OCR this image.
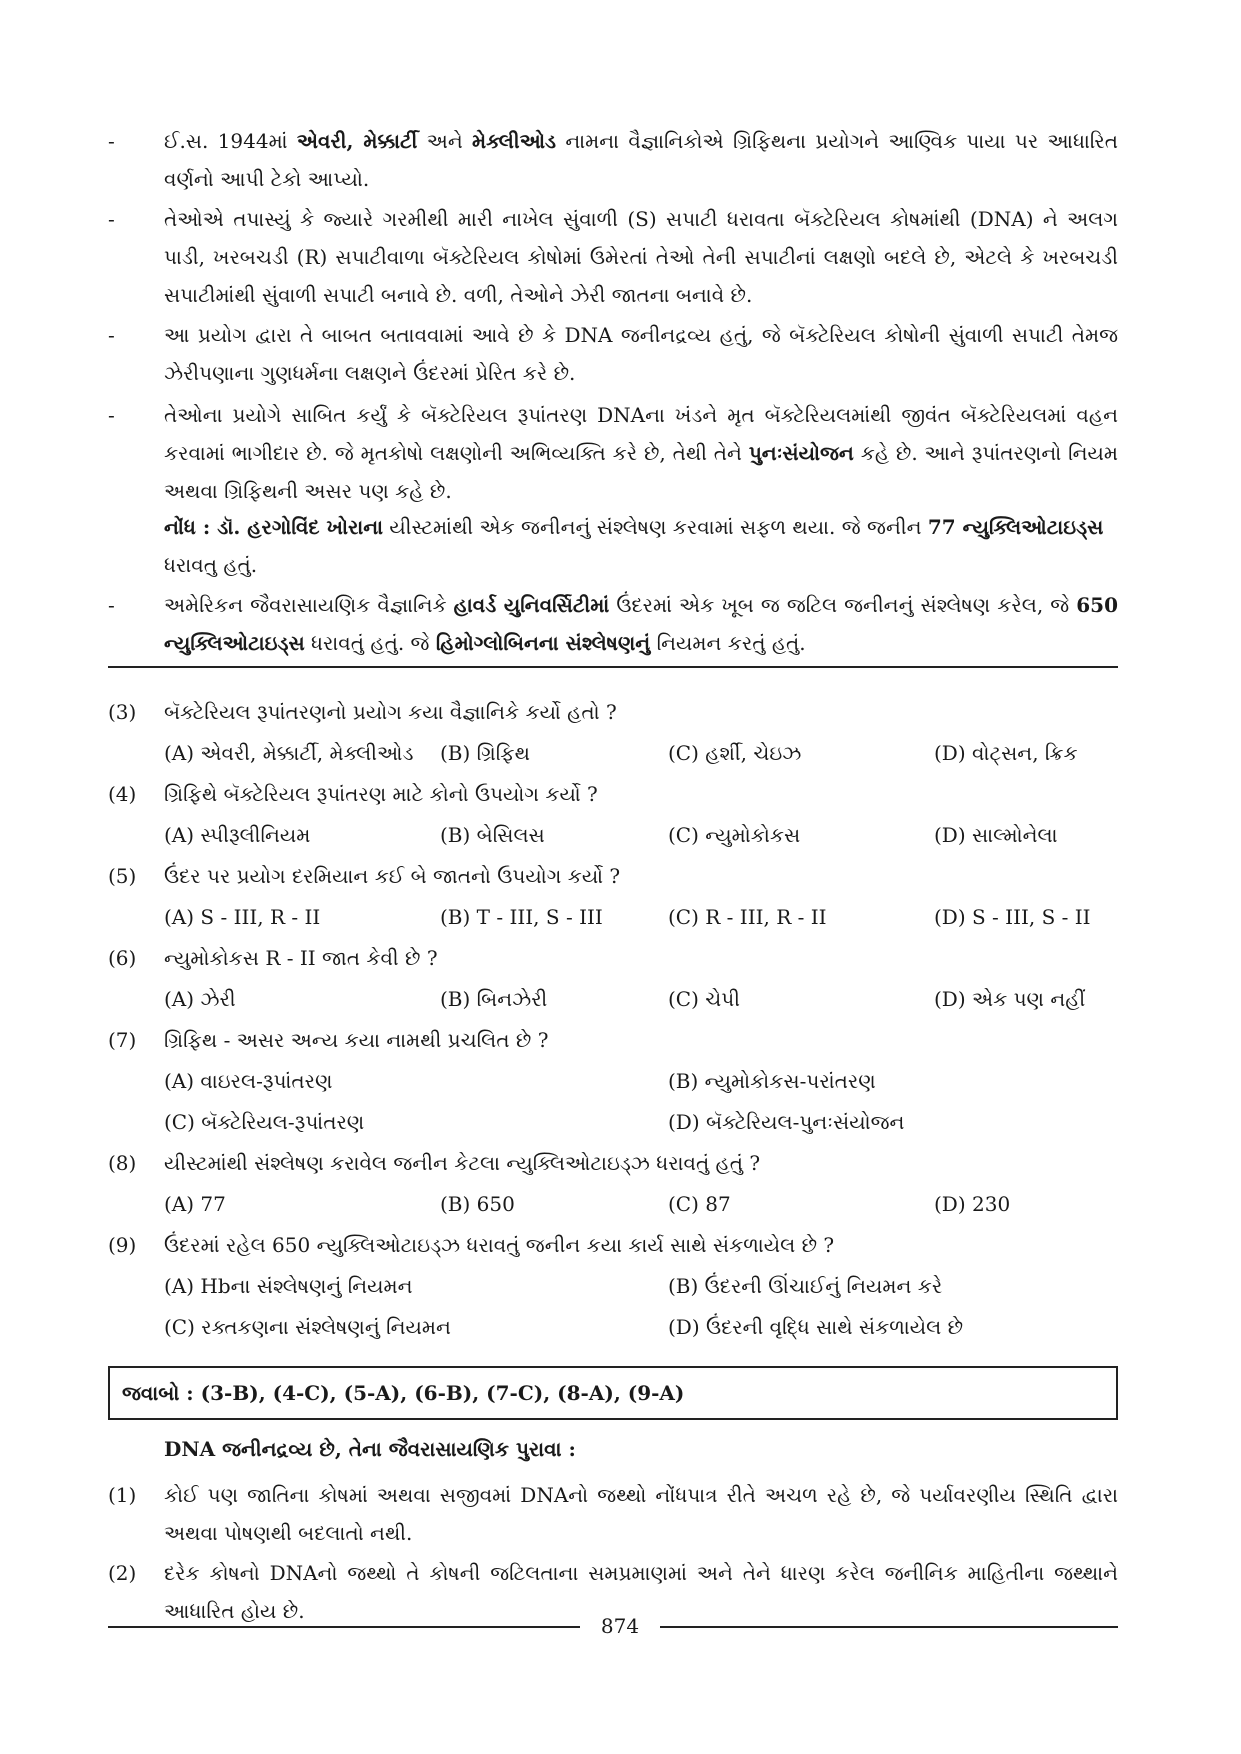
- ઈ.સ. 1944માં એવરી, મેક્કાર્ટી અને મેક્લીઓડ નામના વૈજ્ઞાનિકોએ ગ્રિફિથના પ્રયોગને આણ્વિક પાયા પર આધારિત વર્ણનો આપી ટેકો આપ્યો.
- તેઓએ તપાસ્યું કે જ્યારે ગરમીથી મારી નાખેલ સુંવાળી (S) સપાટી ધરાવતા બૅક્ટેરિયલ કોષમાંથી (DNA) ને અલગ પાડી, ખરબચડી (R) સપાટીવાળા બૅક્ટેરિયલ કોષોમાં ઉમેરતાં તેઓ તેની સપાટીનાં લક્ષણો બદલે છે, એટલે કે ખરબચડી સપાટીમાંથી સુંવાળી સપાટી બનાવે છે. વળી, તેઓને ઝેરી જાતના બનાવે છે.
- આ પ્રયોગ દ્વારા તે બાબત બતાવવામાં આવે છે કે DNA જનીનદ્રવ્ય હતું, જે બૅક્ટેરિયલ કોષોની સુંવાળી સપાટી તેમજ ઝેરીપણાના ગુણધર્મના લક્ષણને ઉંદરમાં પ્રેરિત કરે છે.
- તેઓના પ્રયોગે સાબિત કર્યું કે બૅક્ટેરિયલ રૂપાંતરણ DNAના ખંડને મૃત બૅક્ટેરિયલમાંથી જીવંત બૅક્ટેરિયલમાં વહન કરવામાં ભાગીદાર છે. જે મૃતકોષો લક્ષણોની અભિવ્યક્તિ કરે છે, તેથી તેને પુનઃસંયોજન કહે છે. આને રૂપાંતરણનો નિયમ અથવા ગ્રિફિથની અસર પણ કહે છે.
નોંધ : ડૉ. હરગોવિંદ ખોરાના યીસ્ટમાંથી એક જનીનનું સંશ્લેષણ કરવામાં સફળ થયા. જે જનીન 77 ન્યુક્લિઓટાઇડ્સ ધરાવતુ હતું.
- અમેરિકન જૈવરાસાયણિક વૈજ્ઞાનિકે હાવર્ડ યુનિવર્સિટીમાં ઉંદરમાં એક ખૂબ જ જટિલ જનીનનું સંશ્લેષણ કરેલ, જે 650 ન્યુક્લિઓટાઇડ્સ ધરાવતું હતું. જે હિમોગ્લોબિનના સંશ્લેષણનું નિયમન કરતું હતું.
(3) બૅક્ટેરિયલ રૂપાંતરણનો પ્રયોગ કયા વૈજ્ઞાનિકે કર્યો હતો ?
(A) એવરી, મેક્કાર્ટી, મેક્લીઓડ (B) ગ્રિફિથ	(C) હર્શી, ચેઇઝ	(D) વોટ્સન, ક્રિક
(4) ગ્રિફિથે બૅક્ટેરિયલ રૂપાંતરણ માટે કોનો ઉપયોગ કર્યો ?
(A) સ્પીરૂલીનિયમ	(B) બેસિલસ	(C) ન્યુમોકોકસ	(D) સાલ્મોનેલા
(5) ઉંદર પર પ્રયોગ દરમિયાન કઈ બે જાતનો ઉપયોગ કર્યો ?
(A) S - III, R - II	(B) T - III, S - III	(C) R - III, R - II	(D) S - III, S - II
(6) ન્યુમોકોકસ R - II જાત કેવી છે ?
(A) ઝેરી	(B) બિનઝેરી	(C) ચેપી	(D) એક પણ નહીં
(7) ગ્રિફિથ - અસર અન્ય કયા નામથી પ્રચલિત છે ?
(A) વાઇરલ-રૂપાંતરણ	(B) ન્યુમોકોકસ-પરાંતરણ
(C) બૅક્ટેરિયલ-રૂપાંતરણ	(D) બૅક્ટેરિયલ-પુનઃસંયોજન
(8) યીસ્ટમાંથી સંશ્લેષણ કરાવેલ જનીન કેટલા ન્યુક્લિઓટાઇડ્ઝ ધરાવતું હતું ?
(A) 77	(B) 650	(C) 87	(D) 230
(9) ઉંદરમાં રહેલ 650 ન્યુક્લિઓટાઇડ્ઝ ધરાવતું જનીન કયા કાર્ય સાથે સંકળાયેલ છે ?
(A) Hbના સંશ્લેષણનું નિયમન	(B) ઉંદરની ઊંચાઈનું નિયમન કરે
(C) રક્તકણના સંશ્લેષણનું નિયમન	(D) ઉંદરની વૃદ્ધિ સાથે સંકળાયેલ છે
જવાબો : (3-B), (4-C), (5-A), (6-B), (7-C), (8-A), (9-A)
DNA જનીનદ્રવ્ય છે, તેના જૈવરાસાયણિક પુરાવા :
(1) કોઈ પણ જાતિના કોષમાં અથવા સજીવમાં DNAનો જથ્થો નોંધપાત્ર રીતે અચળ રહે છે, જે પર્યાવરણીય સ્થિતિ દ્વારા અથવા પોષણથી બદલાતો નથી.
(2) દરેક કોષનો DNAનો જથ્થો તે કોષની જટિલતાના સમપ્રમાણમાં અને તેને ધારણ કરેલ જનીનિક માહિતીના જથ્થાને આધારિત હોય છે.
874
